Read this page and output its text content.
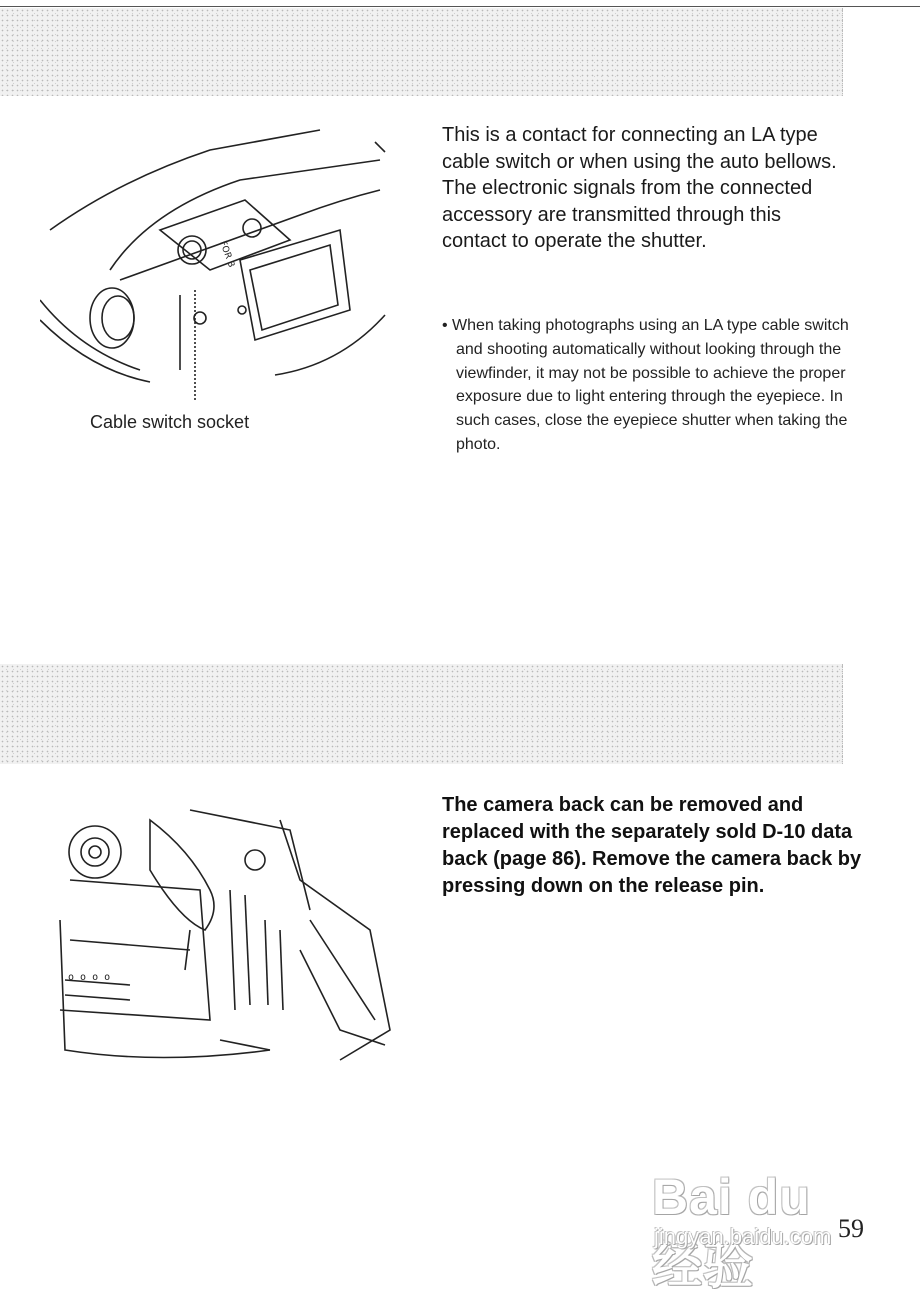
FOR B
Cable switch socket

This is a contact for connecting an LA type cable switch or when using the auto bellows. The electronic signals from the connected accessory are transmitted through this contact to operate the shutter.

• When taking photographs using an LA type cable switch and shooting automatically without looking through the viewfinder, it may not be possible to achieve the proper exposure due to light entering through the eyepiece. In such cases, close the eyepiece shutter when taking the photo.

o o o o

The camera back can be removed and replaced with the separately sold D-10 data back (page 86). Remove the camera back by pressing down on the release pin.

Bai du 经验
jingyan.baidu.com 59
